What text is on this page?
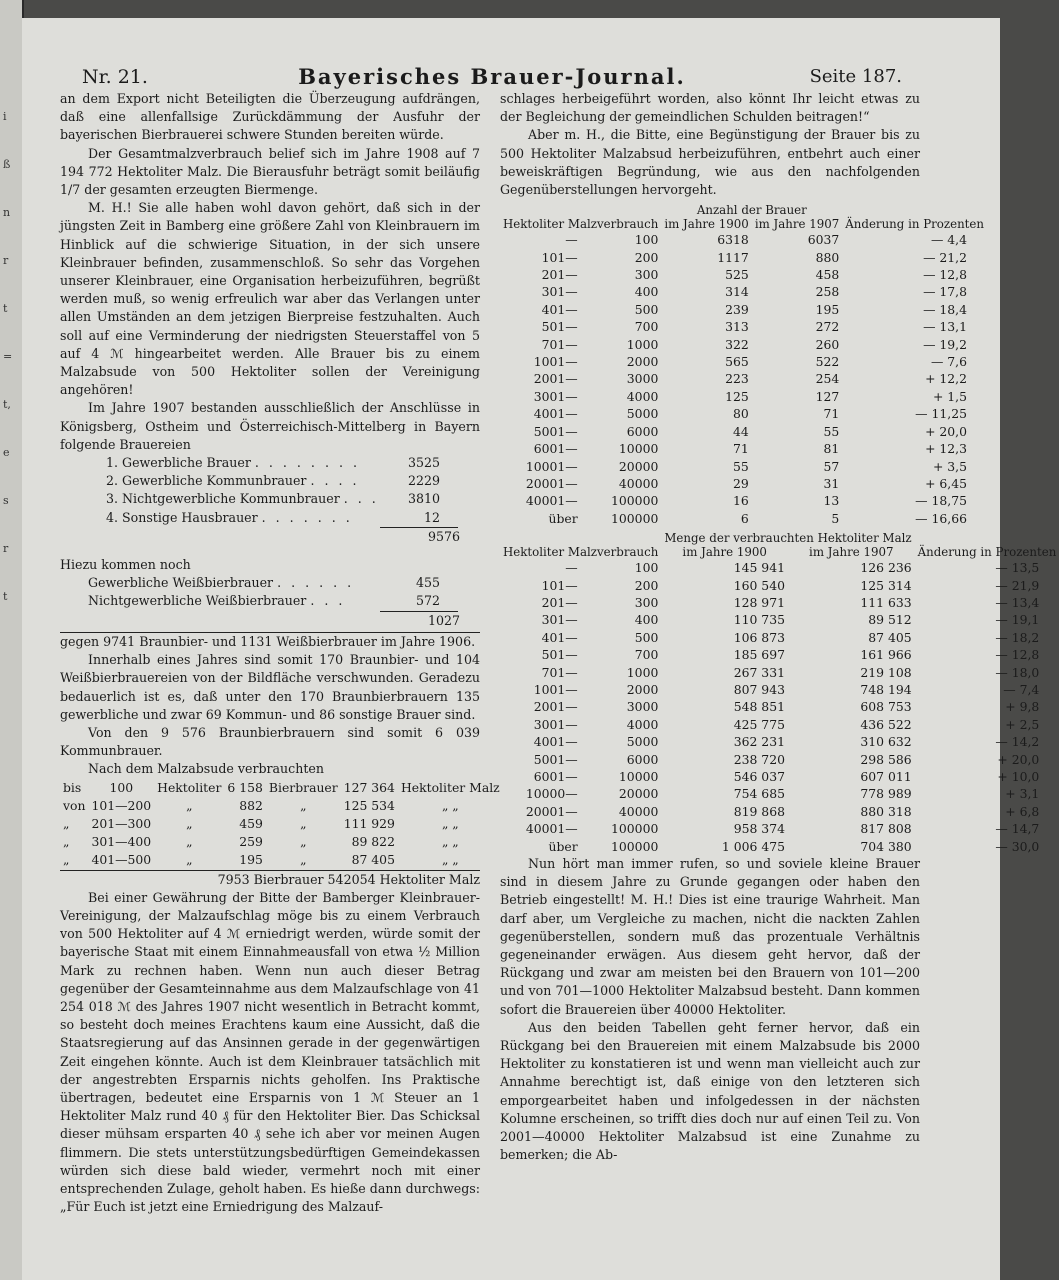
i
ß
n
r
t
=
t,
e
s
r
t
Nr. 21.	Bayerisches Brauer-Journal.	Seite 187.

an dem Export nicht Beteiligten die Überzeugung aufdrängen, daß eine allenfallsige Zurückdämmung der Ausfuhr der bayerischen Bierbrauerei schwere Stunden bereiten würde.

Der Gesamtmalzverbrauch belief sich im Jahre 1908 auf 7 194 772 Hektoliter Malz. Die Bierausfuhr beträgt somit beiläufig 1/7 der gesamten erzeugten Biermenge.

M. H.! Sie alle haben wohl davon gehört, daß sich in der jüngsten Zeit in Bamberg eine größere Zahl von Kleinbrauern im Hinblick auf die schwierige Situation, in der sich unsere Kleinbrauer befinden, zusammenschloß. So sehr das Vorgehen unserer Kleinbrauer, eine Organisation herbeizuführen, begrüßt werden muß, so wenig erfreulich war aber das Verlangen unter allen Umständen an dem jetzigen Bierpreise festzuhalten. Auch soll auf eine Verminderung der niedrigsten Steuerstaffel von 5 auf 4 ℳ hingearbeitet werden. Alle Brauer bis zu einem Malzabsude von 500 Hektoliter sollen der Vereinigung angehören!

Im Jahre 1907 bestanden ausschließlich der Anschlüsse in Königsberg, Ostheim und Österreichisch-Mittelberg in Bayern folgende Brauereien

1. Gewerbliche Brauer . . . . . . . .	3525
2. Gewerbliche Kommunbrauer . . . .	2229
3. Nichtgewerbliche Kommunbrauer . . .	3810
4. Sonstige Hausbrauer . . . . . . .	12
9576

Hiezu kommen noch

Gewerbliche Weißbierbrauer . . . . . .	455
Nichtgewerbliche Weißbierbrauer . . .	572
1027

gegen 9741 Braunbier- und 1131 Weißbierbrauer im Jahre 1906.

Innerhalb eines Jahres sind somit 170 Braunbier- und 104 Weißbierbrauereien von der Bildfläche verschwunden. Geradezu bedauerlich ist es, daß unter den 170 Braunbierbrauern 135 gewerbliche und zwar 69 Kommun- und 86 sonstige Brauer sind.

Von den 9 576 Braunbierbrauern sind somit 6 039 Kommunbrauer.

Nach dem Malzabsude verbrauchten

bis	100	Hektoliter	6 158	Bierbrauer	127 364	Hektoliter Malz
von	101—200	„	882	„	125 534	„ „
„	201—300	„	459	„	111 929	„ „
„	301—400	„	259	„	89 822	„ „
„	401—500	„	195	„	87 405	„ „
7953 Bierbrauer 542054 Hektoliter Malz

Bei einer Gewährung der Bitte der Bamberger Kleinbrauer-Vereinigung, der Malzaufschlag möge bis zu einem Verbrauch von 500 Hektoliter auf 4 ℳ erniedrigt werden, würde somit der bayerische Staat mit einem Einnahmeausfall von etwa ½ Million Mark zu rechnen haben. Wenn nun auch dieser Betrag gegenüber der Gesamteinnahme aus dem Malzaufschlage von 41 254 018 ℳ des Jahres 1907 nicht wesentlich in Betracht kommt, so besteht doch meines Erachtens kaum eine Aussicht, daß die Staatsregierung auf das Ansinnen gerade in der gegenwärtigen Zeit eingehen könnte. Auch ist dem Kleinbrauer tatsächlich mit der angestrebten Ersparnis nichts geholfen. Ins Praktische übertragen, bedeutet eine Ersparnis von 1 ℳ Steuer an 1 Hektoliter Malz rund 40 ₰ für den Hektoliter Bier. Das Schicksal dieser mühsam ersparten 40 ₰ sehe ich aber vor meinen Augen flimmern. Die stets unterstützungsbedürftigen Gemeindekassen würden sich diese bald wieder, vermehrt noch mit einer entsprechenden Zulage, geholt haben. Es hieße dann durchwegs: „Für Euch ist jetzt eine Erniedrigung des Malzauf-

schlages herbeigeführt worden, also könnt Ihr leicht etwas zu der Begleichung der gemeindlichen Schulden beitragen!“

Aber m. H., die Bitte, eine Begünstigung der Brauer bis zu 500 Hektoliter Malzabsud herbeizuführen, entbehrt auch einer beweiskräftigen Begründung, wie aus den nachfolgenden Gegenüberstellungen hervorgeht.

Hektoliter Malzverbrauch		Anzahl der Brauer		Änderung in Prozenten
		im Jahre 1900	im Jahre 1907	
—	100	6318	6037	— 4,4
101—	200	1117	880	— 21,2
201—	300	525	458	— 12,8
301—	400	314	258	— 17,8
401—	500	239	195	— 18,4
501—	700	313	272	— 13,1
701—	1000	322	260	— 19,2
1001—	2000	565	522	— 7,6
2001—	3000	223	254	+ 12,2
3001—	4000	125	127	+ 1,5
4001—	5000	80	71	— 11,25
5001—	6000	44	55	+ 20,0
6001—	10000	71	81	+ 12,3
10001—	20000	55	57	+ 3,5
20001—	40000	29	31	+ 6,45
40001—	100000	16	13	— 18,75
über	100000	6	5	— 16,66
Hektoliter Malzverbrauch		Menge der verbrauchten Hektoliter Malz		Änderung in Prozenten
		im Jahre 1900	im Jahre 1907	
—	100	145 941	126 236	— 13,5
101—	200	160 540	125 314	— 21,9
201—	300	128 971	111 633	— 13,4
301—	400	110 735	89 512	— 19,1
401—	500	106 873	87 405	— 18,2
501—	700	185 697	161 966	— 12,8
701—	1000	267 331	219 108	— 18,0
1001—	2000	807 943	748 194	— 7,4
2001—	3000	548 851	608 753	+ 9,8
3001—	4000	425 775	436 522	+ 2,5
4001—	5000	362 231	310 632	— 14,2
5001—	6000	238 720	298 586	+ 20,0
6001—	10000	546 037	607 011	+ 10,0
10000—	20000	754 685	778 989	+ 3,1
20001—	40000	819 868	880 318	+ 6,8
40001—	100000	958 374	817 808	— 14,7
über	100000	1 006 475	704 380	— 30,0

Nun hört man immer rufen, so und soviele kleine Brauer sind in diesem Jahre zu Grunde gegangen oder haben den Betrieb eingestellt! M. H.! Dies ist eine traurige Wahrheit. Man darf aber, um Vergleiche zu machen, nicht die nackten Zahlen gegenüberstellen, sondern muß das prozentuale Verhältnis gegeneinander erwägen. Aus diesem geht hervor, daß der Rückgang und zwar am meisten bei den Brauern von 101—200 und von 701—1000 Hektoliter Malzabsud besteht. Dann kommen sofort die Brauereien über 40000 Hektoliter.

Aus den beiden Tabellen geht ferner hervor, daß ein Rückgang bei den Brauereien mit einem Malzabsude bis 2000 Hektoliter zu konstatieren ist und wenn man vielleicht auch zur Annahme berechtigt ist, daß einige von den letzteren sich emporgearbeitet haben und infolgedessen in der nächsten Kolumne erscheinen, so trifft dies doch nur auf einen Teil zu. Von 2001—40000 Hektoliter Malzabsud ist eine Zunahme zu bemerken; die Ab-
